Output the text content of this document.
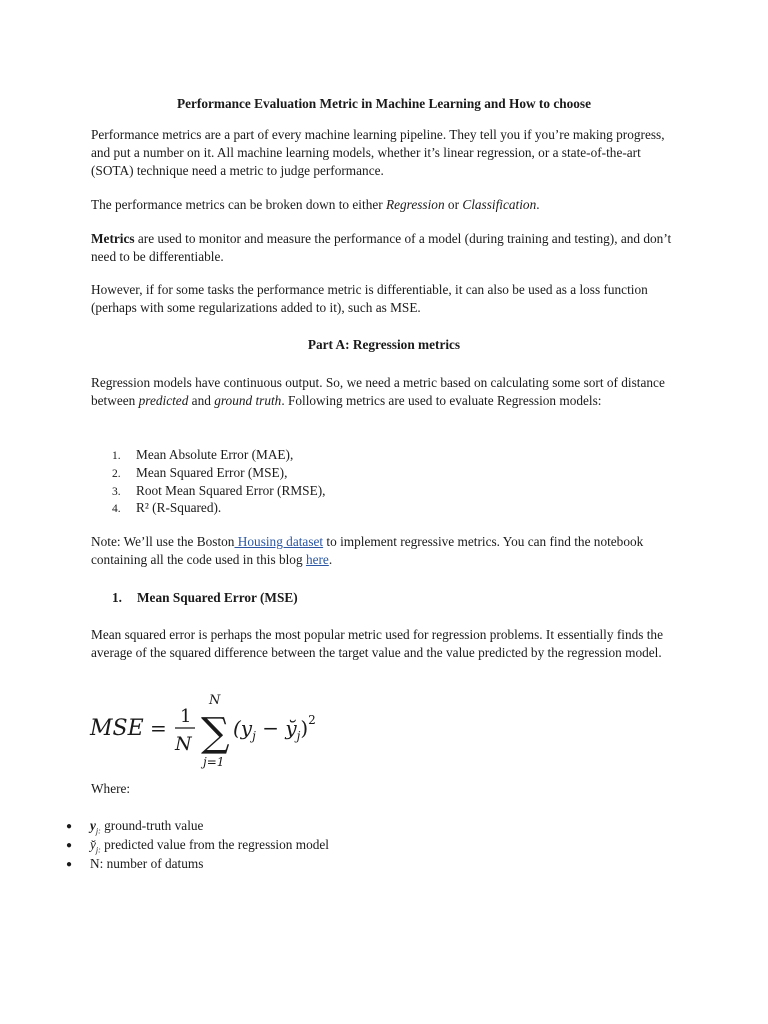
Performance Evaluation Metric in Machine Learning and How to choose
Performance metrics are a part of every machine learning pipeline. They tell you if you’re making progress, and put a number on it. All machine learning models, whether it’s linear regression, or a state-of-the-art (SOTA) technique need a metric to judge performance.
The performance metrics can be broken down to either Regression or Classification.
Metrics are used to monitor and measure the performance of a model (during training and testing), and don’t need to be differentiable.
However, if for some tasks the performance metric is differentiable, it can also be used as a loss function (perhaps with some regularizations added to it), such as MSE.
Part A: Regression metrics
Regression models have continuous output. So, we need a metric based on calculating some sort of distance between predicted and ground truth. Following metrics are used to evaluate Regression models:
1. Mean Absolute Error (MAE),
2. Mean Squared Error (MSE),
3. Root Mean Squared Error (RMSE),
4. R² (R-Squared).
Note: We’ll use the Boston Housing dataset to implement regressive metrics. You can find the notebook containing all the code used in this blog here.
1. Mean Squared Error (MSE)
Mean squared error is perhaps the most popular metric used for regression problems. It essentially finds the average of the squared difference between the target value and the value predicted by the regression model.
MSE = 1
N ∑
N
j=1
($y_j$ − $y̆_j)^2$
Where:
● $y_{j:}$ ground-truth value
● $y̆_{j:}$ predicted value from the regression model
● N: number of datums
